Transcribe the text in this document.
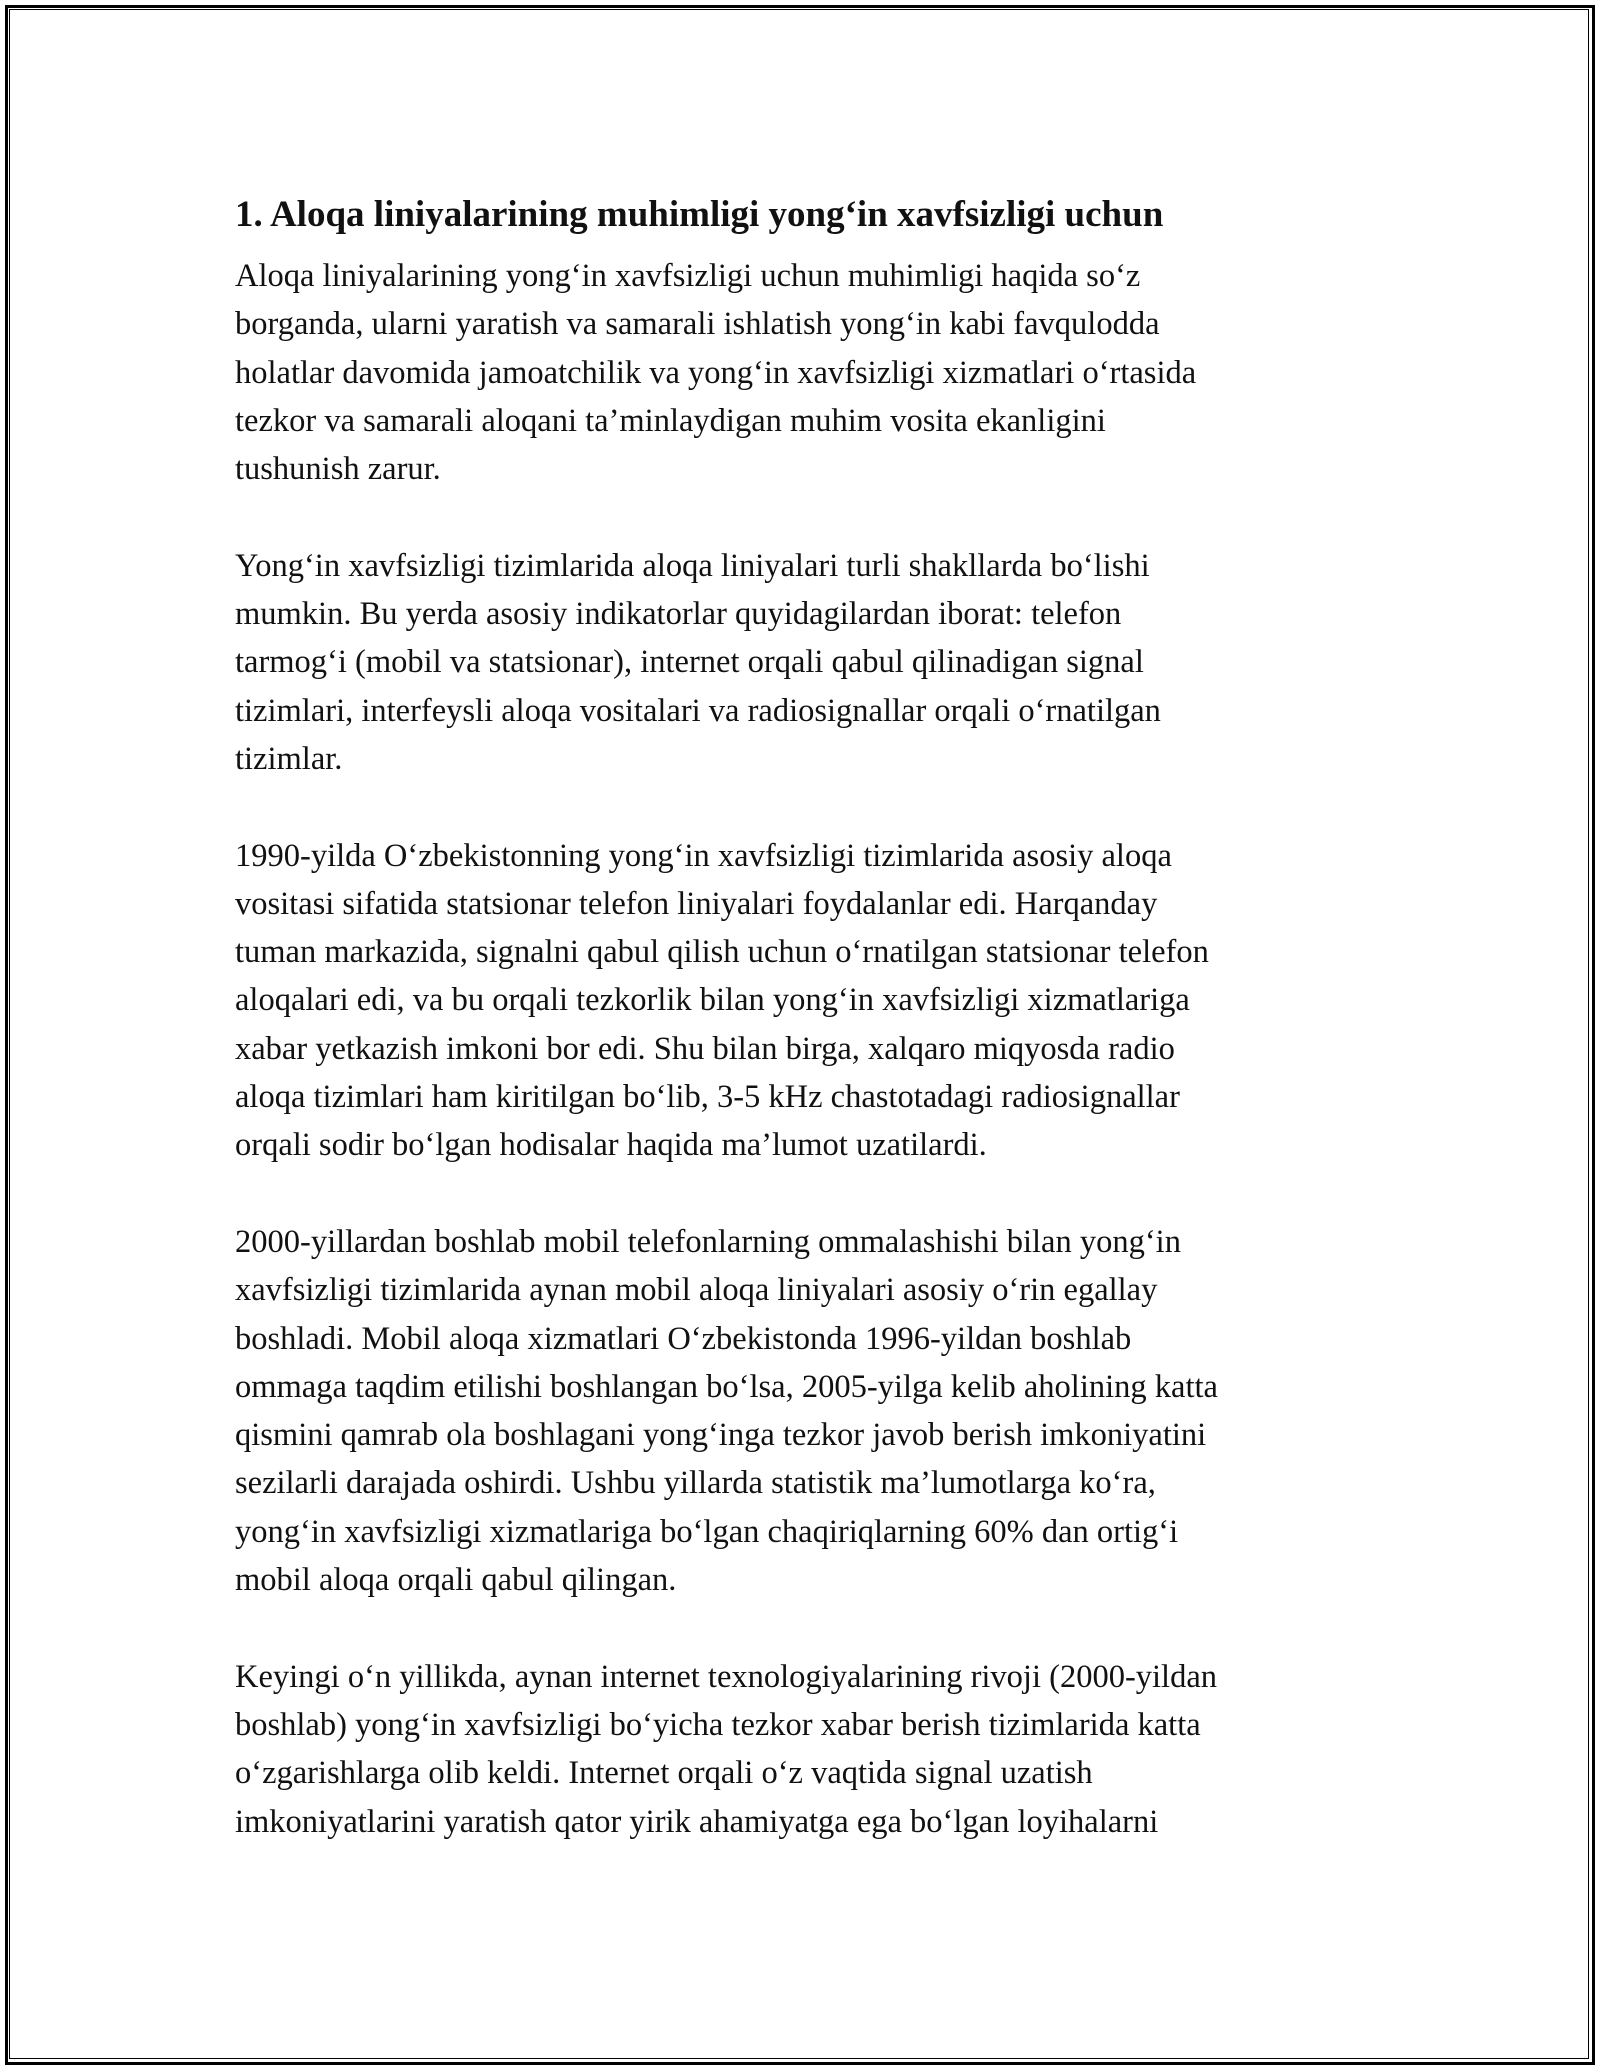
1. Aloqa liniyalarining muhimligi yong‘in xavfsizligi uchun

Aloqa liniyalarining yong‘in xavfsizligi uchun muhimligi haqida so‘z
borganda, ularni yaratish va samarali ishlatish yong‘in kabi favqulodda
holatlar davomida jamoatchilik va yong‘in xavfsizligi xizmatlari o‘rtasida
tezkor va samarali aloqani ta’minlaydigan muhim vosita ekanligini
tushunish zarur.

Yong‘in xavfsizligi tizimlarida aloqa liniyalari turli shakllarda bo‘lishi
mumkin. Bu yerda asosiy indikatorlar quyidagilardan iborat: telefon
tarmog‘i (mobil va statsionar), internet orqali qabul qilinadigan signal
tizimlari, interfeysli aloqa vositalari va radiosignallar orqali o‘rnatilgan
tizimlar.

1990-yilda O‘zbekistonning yong‘in xavfsizligi tizimlarida asosiy aloqa
vositasi sifatida statsionar telefon liniyalari foydalanlar edi. Harqanday
tuman markazida, signalni qabul qilish uchun o‘rnatilgan statsionar telefon
aloqalari edi, va bu orqali tezkorlik bilan yong‘in xavfsizligi xizmatlariga
xabar yetkazish imkoni bor edi. Shu bilan birga, xalqaro miqyosda radio
aloqa tizimlari ham kiritilgan bo‘lib, 3-5 kHz chastotadagi radiosignallar
orqali sodir bo‘lgan hodisalar haqida ma’lumot uzatilardi.

2000-yillardan boshlab mobil telefonlarning ommalashishi bilan yong‘in
xavfsizligi tizimlarida aynan mobil aloqa liniyalari asosiy o‘rin egallay
boshladi. Mobil aloqa xizmatlari O‘zbekistonda 1996-yildan boshlab
ommaga taqdim etilishi boshlangan bo‘lsa, 2005-yilga kelib aholining katta
qismini qamrab ola boshlagani yong‘inga tezkor javob berish imkoniyatini
sezilarli darajada oshirdi. Ushbu yillarda statistik ma’lumotlarga ko‘ra,
yong‘in xavfsizligi xizmatlariga bo‘lgan chaqiriqlarning 60% dan ortig‘i
mobil aloqa orqali qabul qilingan.

Keyingi o‘n yillikda, aynan internet texnologiyalarining rivoji (2000-yildan
boshlab) yong‘in xavfsizligi bo‘yicha tezkor xabar berish tizimlarida katta
o‘zgarishlarga olib keldi. Internet orqali o‘z vaqtida signal uzatish
imkoniyatlarini yaratish qator yirik ahamiyatga ega bo‘lgan loyihalarni
